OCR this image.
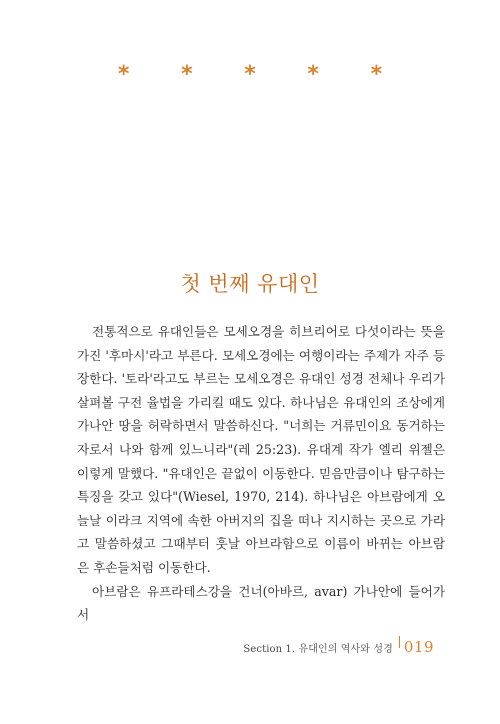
* * * * *
첫 번째 유대인

전통적으로 유대인들은 모세오경을 히브리어로 다섯이라는 뜻을 가진 '후마시'라고 부른다. 모세오경에는 여행이라는 주제가 자주 등장한다. '토라'라고도 부르는 모세오경은 유대인 성경 전체나 우리가 살펴볼 구전 율법을 가리킬 때도 있다. 하나님은 유대인의 조상에게 가나안 땅을 허락하면서 말씀하신다. "너희는 거류민이요 동거하는 자로서 나와 함께 있느니라"(레 25:23). 유대계 작가 엘리 위젤은 이렇게 말했다. "유대인은 끝없이 이동한다. 믿음만큼이나 탐구하는 특징을 갖고 있다"(Wiesel, 1970, 214). 하나님은 아브람에게 오늘날 이라크 지역에 속한 아버지의 집을 떠나 지시하는 곳으로 가라고 말씀하셨고 그때부터 훗날 아브라함으로 이름이 바뀌는 아브람은 후손들처럼 이동한다.

아브람은 유프라테스강을 건너(아바르, avar) 가나안에 들어가서

Section 1. 유대인의 역사와 성경 019
